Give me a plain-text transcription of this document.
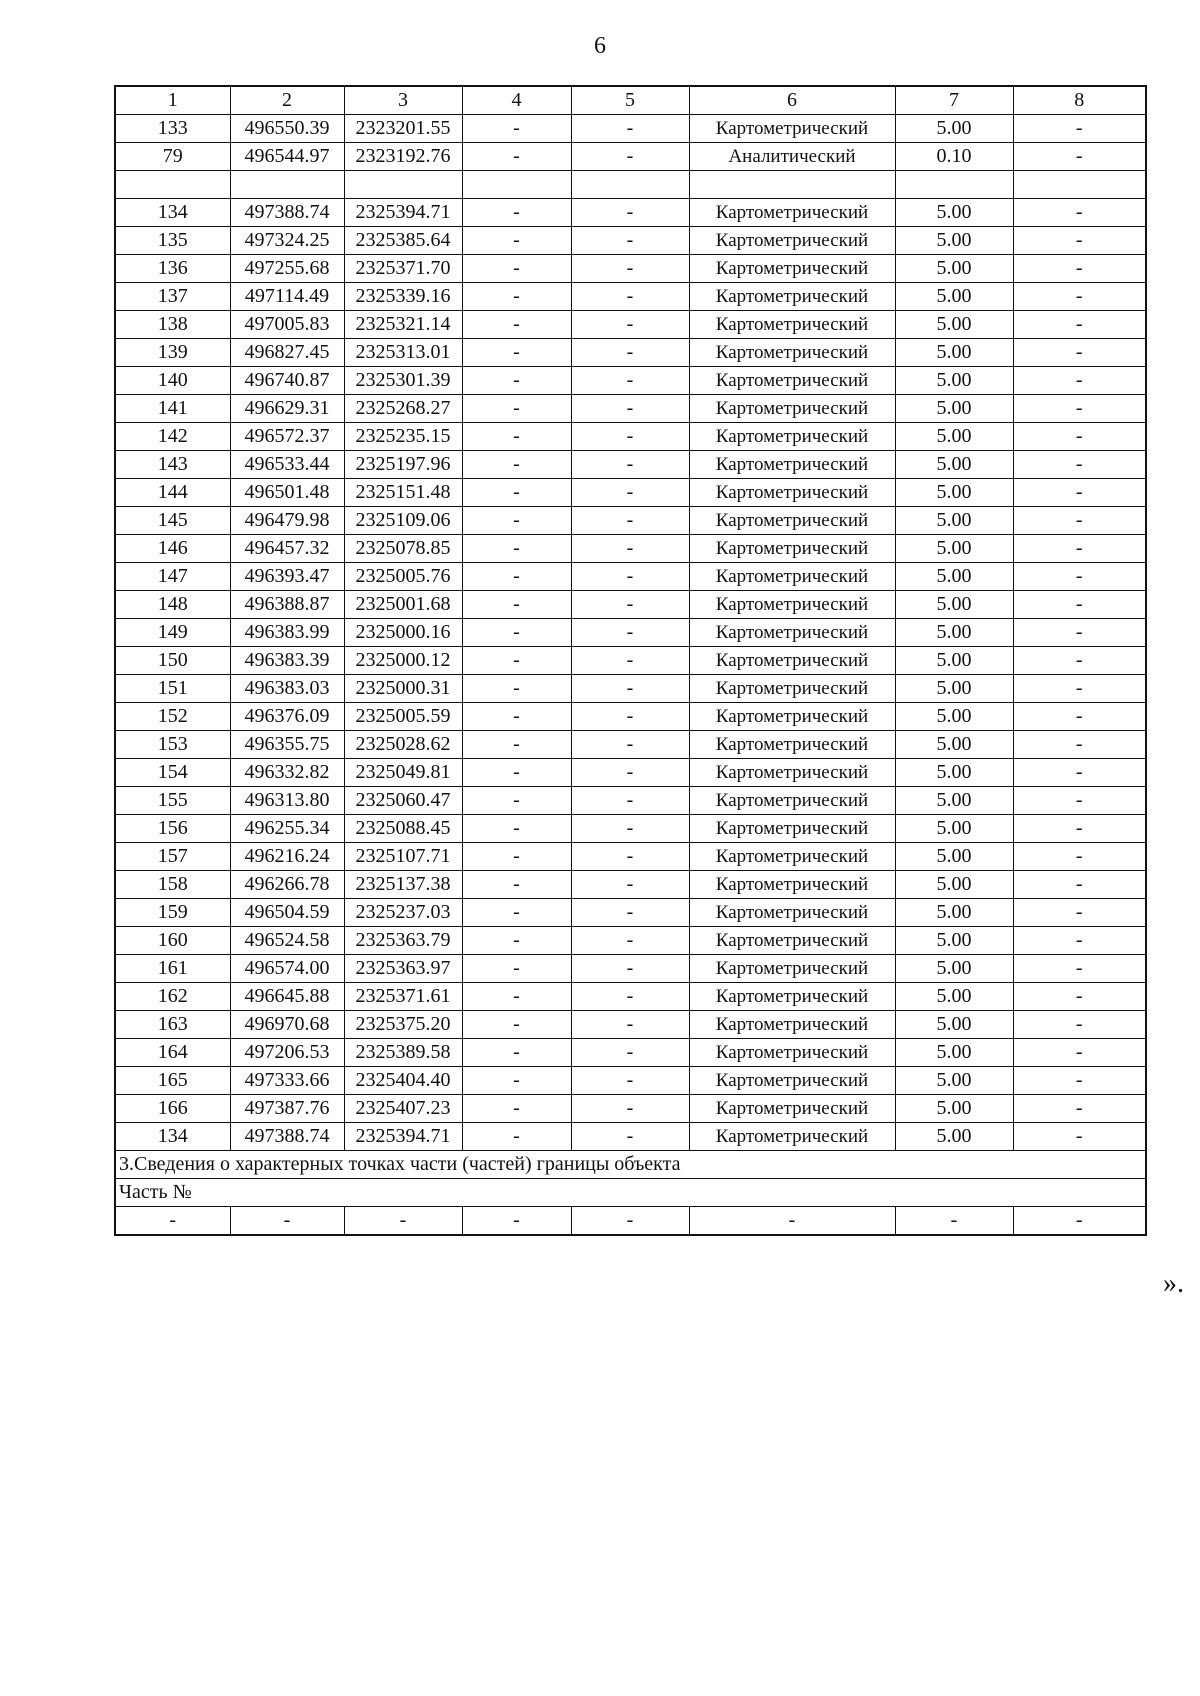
6
1	2	3	4	5	6	7	8
133	496550.39	2323201.55	-	-	Картометрический	5.00	-
79	496544.97	2323192.76	-	-	Аналитический	0.10	-

134	497388.74	2325394.71	-	-	Картометрический	5.00	-
135	497324.25	2325385.64	-	-	Картометрический	5.00	-
136	497255.68	2325371.70	-	-	Картометрический	5.00	-
137	497114.49	2325339.16	-	-	Картометрический	5.00	-
138	497005.83	2325321.14	-	-	Картометрический	5.00	-
139	496827.45	2325313.01	-	-	Картометрический	5.00	-
140	496740.87	2325301.39	-	-	Картометрический	5.00	-
141	496629.31	2325268.27	-	-	Картометрический	5.00	-
142	496572.37	2325235.15	-	-	Картометрический	5.00	-
143	496533.44	2325197.96	-	-	Картометрический	5.00	-
144	496501.48	2325151.48	-	-	Картометрический	5.00	-
145	496479.98	2325109.06	-	-	Картометрический	5.00	-
146	496457.32	2325078.85	-	-	Картометрический	5.00	-
147	496393.47	2325005.76	-	-	Картометрический	5.00	-
148	496388.87	2325001.68	-	-	Картометрический	5.00	-
149	496383.99	2325000.16	-	-	Картометрический	5.00	-
150	496383.39	2325000.12	-	-	Картометрический	5.00	-
151	496383.03	2325000.31	-	-	Картометрический	5.00	-
152	496376.09	2325005.59	-	-	Картометрический	5.00	-
153	496355.75	2325028.62	-	-	Картометрический	5.00	-
154	496332.82	2325049.81	-	-	Картометрический	5.00	-
155	496313.80	2325060.47	-	-	Картометрический	5.00	-
156	496255.34	2325088.45	-	-	Картометрический	5.00	-
157	496216.24	2325107.71	-	-	Картометрический	5.00	-
158	496266.78	2325137.38	-	-	Картометрический	5.00	-
159	496504.59	2325237.03	-	-	Картометрический	5.00	-
160	496524.58	2325363.79	-	-	Картометрический	5.00	-
161	496574.00	2325363.97	-	-	Картометрический	5.00	-
162	496645.88	2325371.61	-	-	Картометрический	5.00	-
163	496970.68	2325375.20	-	-	Картометрический	5.00	-
164	497206.53	2325389.58	-	-	Картометрический	5.00	-
165	497333.66	2325404.40	-	-	Картометрический	5.00	-
166	497387.76	2325407.23	-	-	Картометрический	5.00	-
134	497388.74	2325394.71	-	-	Картометрический	5.00	-
3.Сведения о характерных точках части (частей) границы объекта							
Часть №							
-	-	-	-	-	-	-	-
».
